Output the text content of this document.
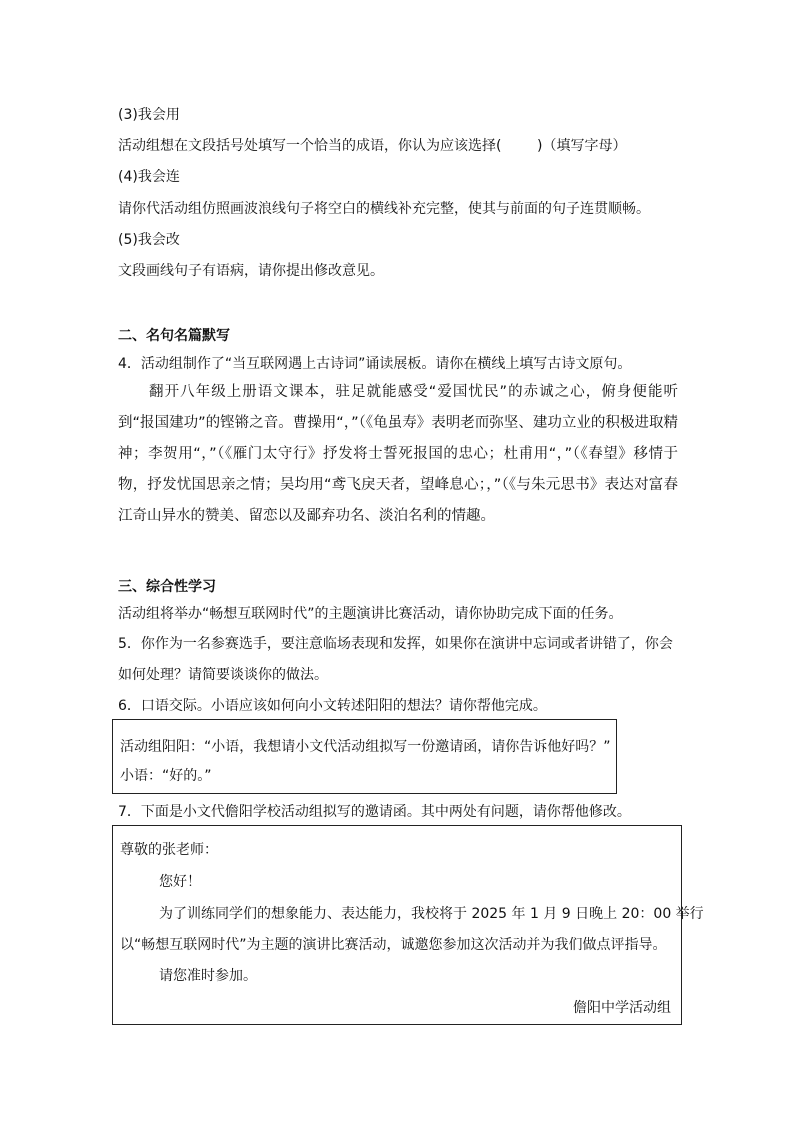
(3)我会用
活动组想在文段括号处填写一个恰当的成语，你认为应该选择(        )（填写字母）
(4)我会连
请你代活动组仿照画波浪线句子将空白的横线补充完整，使其与前面的句子连贯顺畅。
(5)我会改
文段画线句子有语病，请你提出修改意见。
二、名句名篇默写
4．活动组制作了“当互联网遇上古诗词”诵读展板。请你在横线上填写古诗文原句。
翻开八年级上册语文课本，驻足就能感受“爱国忧民”的赤诚之心，俯身便能听到“报国建功”的铿锵之音。曹操用“，”（《龟虽寿》表明老而弥坚、建功立业的积极进取精神；李贺用“，”（《雁门太守行》抒发将士誓死报国的忠心；杜甫用“，”（《春望》移情于物，抒发忧国思亲之情；吴均用“鸢飞戾天者，望峰息心；，”（《与朱元思书》表达对富春江奇山异水的赞美、留恋以及鄙弃功名、淡泊名利的情趣。
三、综合性学习
活动组将举办“畅想互联网时代”的主题演讲比赛活动，请你协助完成下面的任务。
5．你作为一名参赛选手，要注意临场表现和发挥，如果你在演讲中忘词或者讲错了，你会
如何处理？请简要谈谈你的做法。
6．口语交际。小语应该如何向小文转述阳阳的想法？请你帮他完成。
活动组阳阳：“小语，我想请小文代活动组拟写一份邀请函，请你告诉他好吗？”
小语：“好的。”
7．下面是小文代儋阳学校活动组拟写的邀请函。其中两处有问题，请你帮他修改。
尊敬的张老师：
您好！
为了训练同学们的想象能力、表达能力，我校将于 2025 年 1 月 9 日晚上 20：00 举行
以“畅想互联网时代”为主题的演讲比赛活动，诚邀您参加这次活动并为我们做点评指导。
请您准时参加。
儋阳中学活动组
